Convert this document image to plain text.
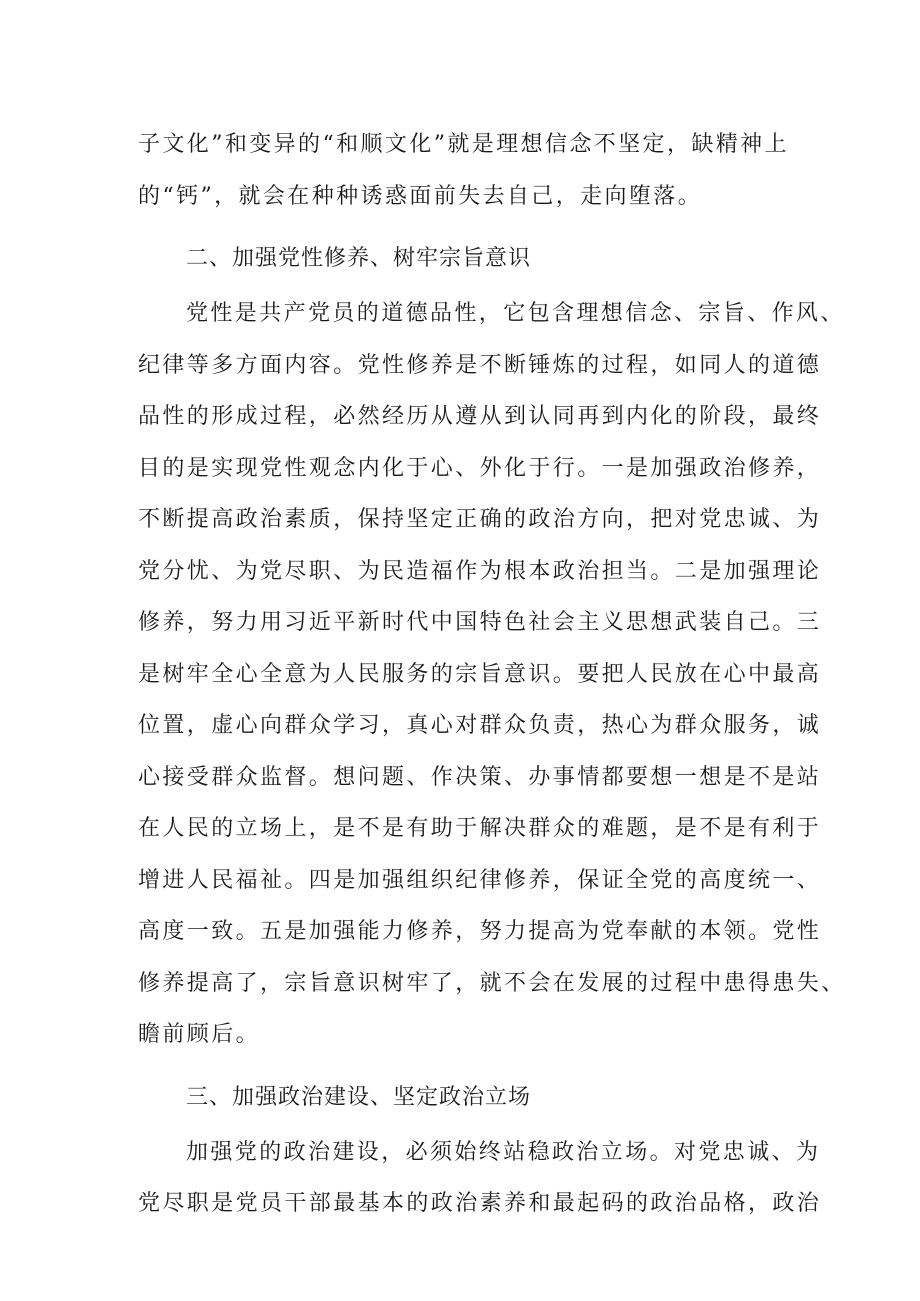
子文化”和变异的“和顺文化”就是理想信念不坚定，缺精神上
的“钙”，就会在种种诱惑面前失去自己，走向堕落。
二、加强党性修养、树牢宗旨意识
党性是共产党员的道德品性，它包含理想信念、宗旨、作风、
纪律等多方面内容。党性修养是不断锤炼的过程，如同人的道德
品性的形成过程，必然经历从遵从到认同再到内化的阶段，最终
目的是实现党性观念内化于心、外化于行。一是加强政治修养，
不断提高政治素质，保持坚定正确的政治方向，把对党忠诚、为
党分忧、为党尽职、为民造福作为根本政治担当。二是加强理论
修养，努力用习近平新时代中国特色社会主义思想武装自己。三
是树牢全心全意为人民服务的宗旨意识。要把人民放在心中最高
位置，虚心向群众学习，真心对群众负责，热心为群众服务，诚
心接受群众监督。想问题、作决策、办事情都要想一想是不是站
在人民的立场上，是不是有助于解决群众的难题，是不是有利于
增进人民福祉。四是加强组织纪律修养，保证全党的高度统一、
高度一致。五是加强能力修养，努力提高为党奉献的本领。党性
修养提高了，宗旨意识树牢了，就不会在发展的过程中患得患失、
瞻前顾后。
三、加强政治建设、坚定政治立场
加强党的政治建设，必须始终站稳政治立场。对党忠诚、为
党尽职是党员干部最基本的政治素养和最起码的政治品格，政治
